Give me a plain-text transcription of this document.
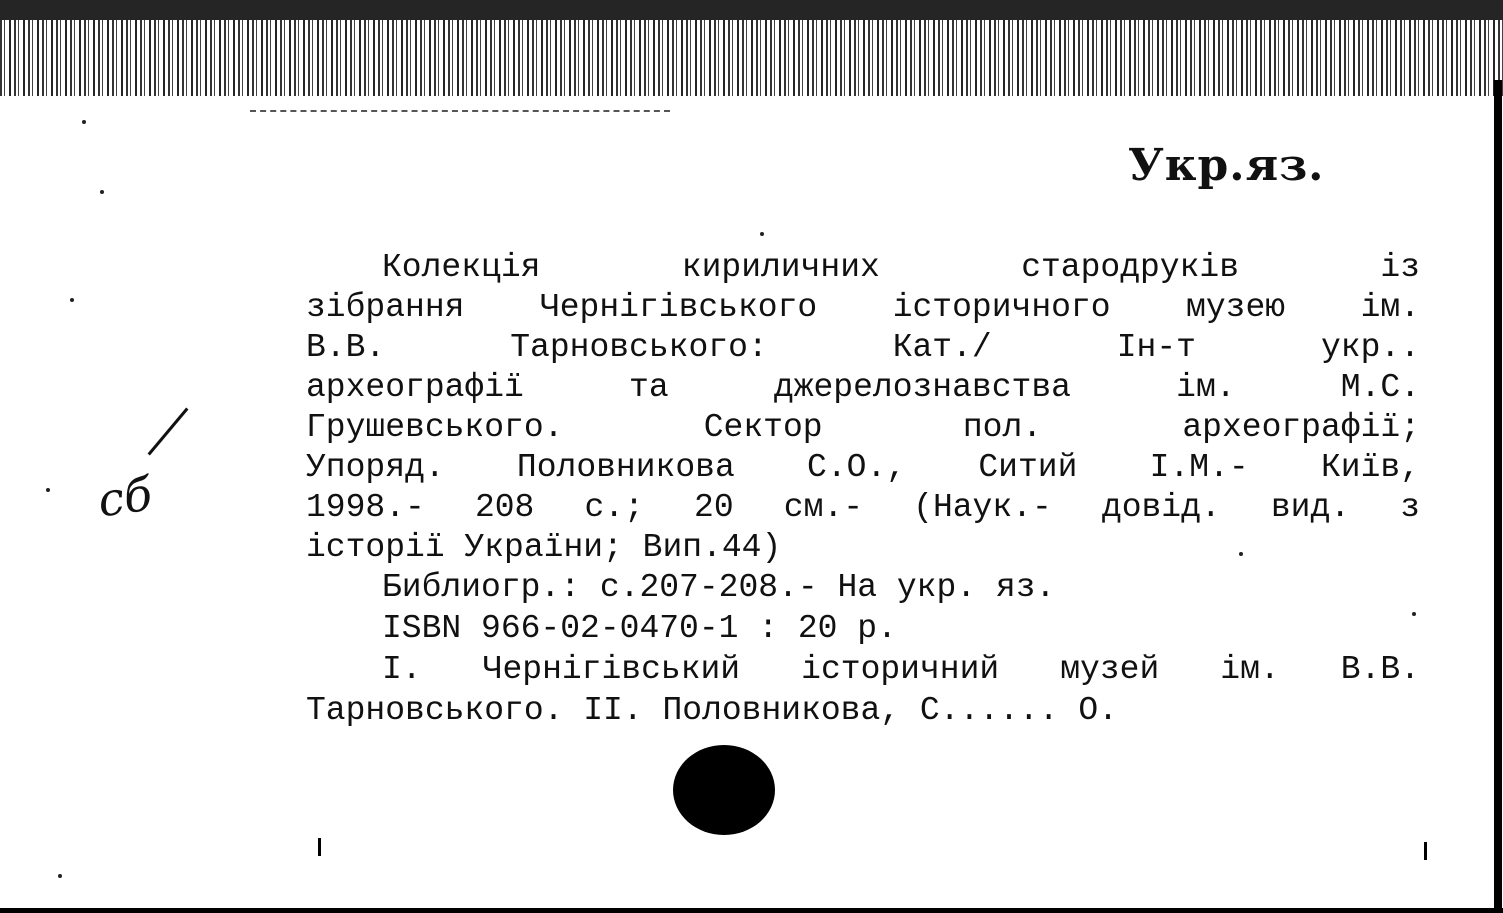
Укр.яз.
сб
Колекція кириличних стародруків із
зібрання Чернігівського історичного музею ім.
В.В. Тарновського: Кат./ Ін-т укр..
археографії та джерелознавства ім. М.С.
Грушевського. Сектор пол. археографії;
Упоряд. Половникова С.О., Ситий І.М.- Київ,
1998.- 208 с.; 20 см.- (Наук.- довід. вид. з
історії України; Вип.44)
Библиогр.: с.207-208.- На укр. яз.
ISBN 966-02-0470-1 : 20 р.
I. Чернігівський історичний музей ім. В.В.
Тарновського. II. Половникова, С...... О.
